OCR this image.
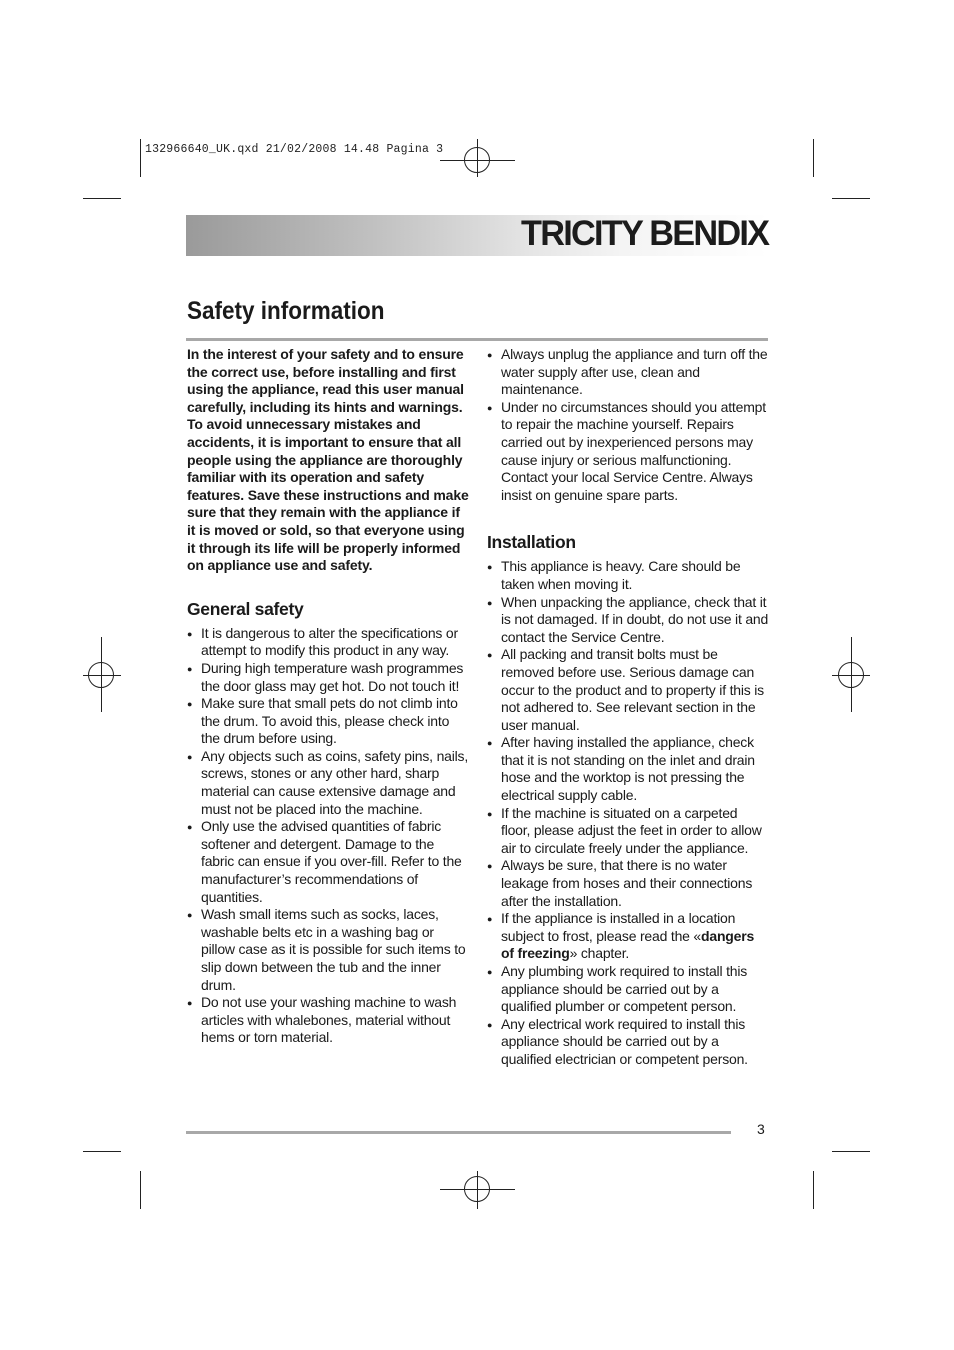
132966640_UK.qxd 21/02/2008 14.48 Pagina 3
TRICITY BENDIX
Safety information

In the interest of your safety and to ensure the correct use, before installing and first using the appliance, read this user manual carefully, including its hints and warnings. To avoid unnecessary mistakes and accidents, it is important to ensure that all people using the appliance are thoroughly familiar with its operation and safety features. Save these instructions and make sure that they remain with the appliance if it is moved or sold, so that everyone using it through its life will be properly informed on appliance use and safety.

General safety
● It is dangerous to alter the specifications or attempt to modify this product in any way.
● During high temperature wash programmes the door glass may get hot. Do not touch it!
● Make sure that small pets do not climb into the drum. To avoid this, please check into the drum before using.
● Any objects such as coins, safety pins, nails, screws, stones or any other hard, sharp material can cause extensive damage and must not be placed into the machine.
● Only use the advised quantities of fabric softener and detergent. Damage to the fabric can ensue if you over-fill. Refer to the manufacturer’s recommendations of quantities.
● Wash small items such as socks, laces, washable belts etc in a washing bag or pillow case as it is possible for such items to slip down between the tub and the inner drum.
● Do not use your washing machine to wash articles with whalebones, material without hems or torn material.
● Always unplug the appliance and turn off the water supply after use, clean and maintenance.
● Under no circumstances should you attempt to repair the machine yourself. Repairs carried out by inexperienced persons may cause injury or serious malfunctioning. Contact your local Service Centre. Always insist on genuine spare parts.
Installation
● This appliance is heavy. Care should be taken when moving it.
● When unpacking the appliance, check that it is not damaged. If in doubt, do not use it and contact the Service Centre.
● All packing and transit bolts must be removed before use. Serious damage can occur to the product and to property if this is not adhered to. See relevant section in the user manual.
● After having installed the appliance, check that it is not standing on the inlet and drain hose and the worktop is not pressing the electrical supply cable.
● If the machine is situated on a carpeted floor, please adjust the feet in order to allow air to circulate freely under the appliance.
● Always be sure, that there is no water leakage from hoses and their connections after the installation.
● If the appliance is installed in a location subject to frost, please read the «dangers of freezing» chapter.
● Any plumbing work required to install this appliance should be carried out by a qualified plumber or competent person.
● Any electrical work required to install this appliance should be carried out by a qualified electrician or competent person.
3
